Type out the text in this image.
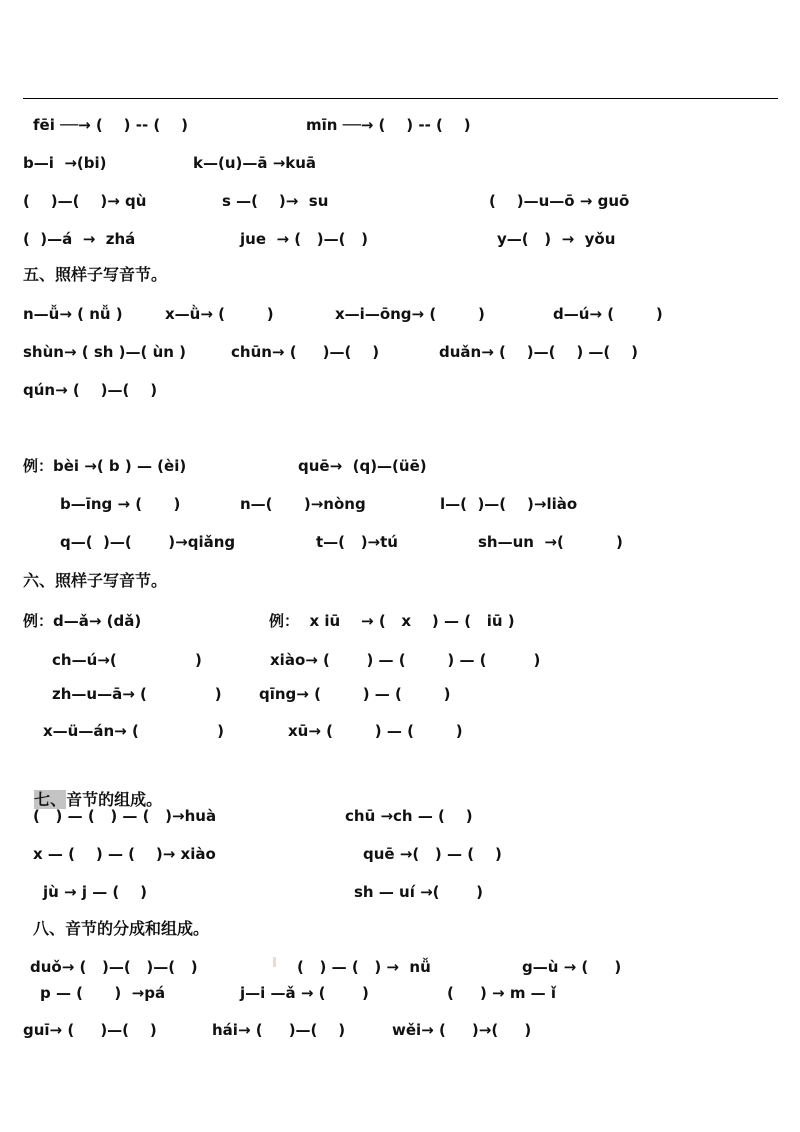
fēi ──→ (    ) -- (    )	mīn ──→ (    ) -- (    )
b—i  →(bi)	k—(u)—ā →kuā
(    )—(    )→ qù	s —(    )→  su	(    )—u—ō → guō
(  )—á  →  zhá	jue  → (   )—(   )	y—(   )  →  yǒu
五、照样子写音节。
n—ǚ→ ( nǚ )	x—ǜ→ (        )	x—i—ōng→ (        )	d—ú→ (        )
shùn→ ( sh )—( ùn )	chūn→ (     )—(    )	duǎn→ (    )—(    ) —(    )
qún→ (    )—(    )
例：bèi →( b ) — (èi)	quē→  (q)—(üē)
b—īng → (      )	n—(      )→nòng	l—(  )—(    )→liào
q—(  )—(       )→qiǎng	t—(   )→tú	sh—un  →(          )
六、照样子写音节。
例：d—ǎ→ (dǎ)	例：  x iū    → (   x    ) — (   iū )
ch—ú→(               )	xiào→ (       ) — (        ) — (         )
zh—u—ā→ (             ) qīng→ (        ) — (        )
x—ü—án→ (               )	xū→ (        ) — (        )

七、音节的组成。

(   ) — (   ) — (   )→huà	chū →ch — (    )
x — (    ) — (    )→ xiào	quē →(   ) — (    )
jù → j — (    )	sh — uí →(       )
八、音节的分成和组成。
duǒ→ (   )—(   )—(   )	(   ) — (   ) →  nǚ	g—ù → (     )
p — (      )  →pá	j—i —ǎ → (       )	(     ) → m — ǐ
guī→ (     )—(    )	hái→ (     )—(    )	wěi→ (     )→(     )
